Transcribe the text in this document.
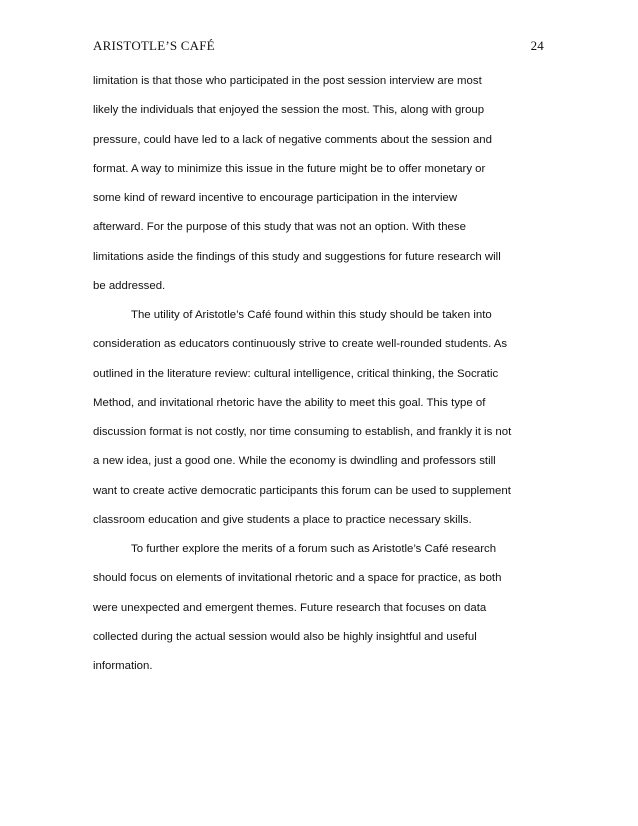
ARISTOTLE’S CAFÉ	24

limitation is that those who participated in the post session interview are most
likely the individuals that enjoyed the session the most. This, along with group
pressure, could have led to a lack of negative comments about the session and
format. A way to minimize this issue in the future might be to offer monetary or
some kind of reward incentive to encourage participation in the interview
afterward. For the purpose of this study that was not an option. With these
limitations aside the findings of this study and suggestions for future research will
be addressed.

The utility of Aristotle’s Café found within this study should be taken into
consideration as educators continuously strive to create well-rounded students. As
outlined in the literature review: cultural intelligence, critical thinking, the Socratic
Method, and invitational rhetoric have the ability to meet this goal. This type of
discussion format is not costly, nor time consuming to establish, and frankly it is not
a new idea, just a good one. While the economy is dwindling and professors still
want to create active democratic participants this forum can be used to supplement
classroom education and give students a place to practice necessary skills.

To further explore the merits of a forum such as Aristotle’s Café research
should focus on elements of invitational rhetoric and a space for practice, as both
were unexpected and emergent themes. Future research that focuses on data
collected during the actual session would also be highly insightful and useful
information.
